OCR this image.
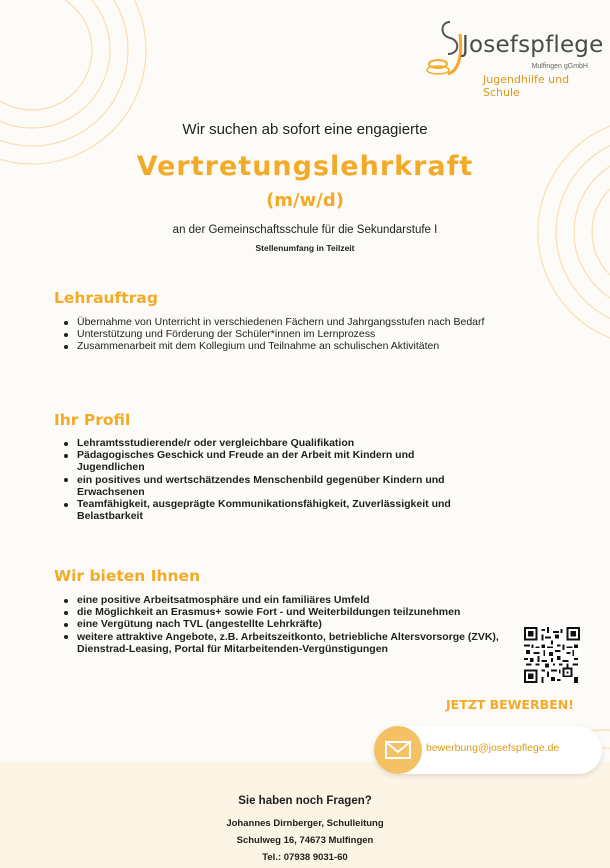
Josefspflege
Mulfingen gGmbH
Jugendhilfe und Schule
Wir suchen ab sofort eine engagierte
Vertretungslehrkraft
(m/w/d)
an der Gemeinschaftsschule für die Sekundarstufe I
Stellenumfang in Teilzeit
Lehrauftrag
Übernahme von Unterricht in verschiedenen Fächern und Jahrgangsstufen nach Bedarf
Unterstützung und Förderung der Schüler*innen im Lernprozess
Zusammenarbeit mit dem Kollegium und Teilnahme an schulischen Aktivitäten
Ihr Profil
Lehramtsstudierende/r oder vergleichbare Qualifikation
Pädagogisches Geschick und Freude an der Arbeit mit Kindern und Jugendlichen
ein positives und wertschätzendes Menschenbild gegenüber Kindern und Erwachsenen
Teamfähigkeit, ausgeprägte Kommunikationsfähigkeit, Zuverlässigkeit und Belastbarkeit
Wir bieten Ihnen
eine positive Arbeitsatmosphäre und ein familiäres Umfeld
die Möglichkeit an Erasmus+ sowie Fort - und Weiterbildungen teilzunehmen
eine Vergütung nach TVL (angestellte Lehrkräfte)
weitere attraktive Angebote, z.B. Arbeitszeitkonto, betriebliche Altersvorsorge (ZVK), Dienstrad-Leasing, Portal für Mitarbeitenden-Vergünstigungen
JETZT BEWERBEN!
Sie haben noch Fragen?
Johannes Dirnberger, Schulleitung
Schulweg 16, 74673 Mulfingen
Tel.: 07938 9031-60
bewerbung@josefspflege.de
